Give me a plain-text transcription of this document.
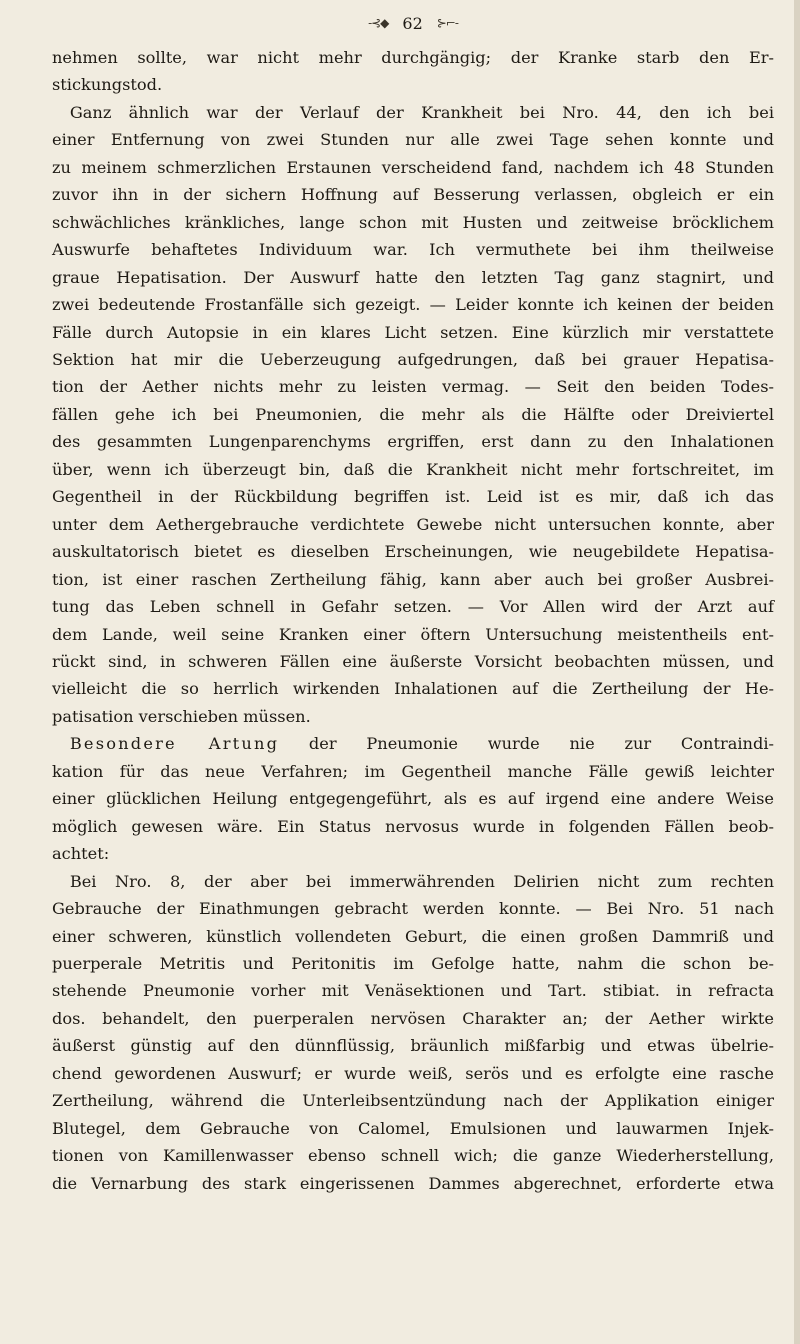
-⊰◆ 62 ⊱⌐-
nehmen sollte, war nicht mehr durchgängig; der Kranke starb den Er-
stickungstod.
Ganz ähnlich war der Verlauf der Krankheit bei Nro. 44, den ich bei
einer Entfernung von zwei Stunden nur alle zwei Tage sehen konnte und
zu meinem schmerzlichen Erstaunen verscheidend fand, nachdem ich 48 Stunden
zuvor ihn in der sichern Hoffnung auf Besserung verlassen, obgleich er ein
schwächliches kränkliches, lange schon mit Husten und zeitweise bröcklichem
Auswurfe behaftetes Individuum war. Ich vermuthete bei ihm theilweise
graue Hepatisation. Der Auswurf hatte den letzten Tag ganz stagnirt, und
zwei bedeutende Frostanfälle sich gezeigt. — Leider konnte ich keinen der beiden
Fälle durch Autopsie in ein klares Licht setzen. Eine kürzlich mir verstattete
Sektion hat mir die Ueberzeugung aufgedrungen, daß bei grauer Hepatisa-
tion der Aether nichts mehr zu leisten vermag. — Seit den beiden Todes-
fällen gehe ich bei Pneumonien, die mehr als die Hälfte oder Dreiviertel
des gesammten Lungenparenchyms ergriffen, erst dann zu den Inhalationen
über, wenn ich überzeugt bin, daß die Krankheit nicht mehr fortschreitet, im
Gegentheil in der Rückbildung begriffen ist. Leid ist es mir, daß ich das
unter dem Aethergebrauche verdichtete Gewebe nicht untersuchen konnte, aber
auskultatorisch bietet es dieselben Erscheinungen, wie neugebildete Hepatisa-
tion, ist einer raschen Zertheilung fähig, kann aber auch bei großer Ausbrei-
tung das Leben schnell in Gefahr setzen. — Vor Allen wird der Arzt auf
dem Lande, weil seine Kranken einer öftern Untersuchung meistentheils ent-
rückt sind, in schweren Fällen eine äußerste Vorsicht beobachten müssen, und
vielleicht die so herrlich wirkenden Inhalationen auf die Zertheilung der He-
patisation verschieben müssen.
Besondere Artung der Pneumonie wurde nie zur Contraindi-
kation für das neue Verfahren; im Gegentheil manche Fälle gewiß leichter
einer glücklichen Heilung entgegengeführt, als es auf irgend eine andere Weise
möglich gewesen wäre. Ein Status nervosus wurde in folgenden Fällen beob-
achtet:
Bei Nro. 8, der aber bei immerwährenden Delirien nicht zum rechten
Gebrauche der Einathmungen gebracht werden konnte. — Bei Nro. 51 nach
einer schweren, künstlich vollendeten Geburt, die einen großen Dammriß und
puerperale Metritis und Peritonitis im Gefolge hatte, nahm die schon be-
stehende Pneumonie vorher mit Venäsektionen und Tart. stibiat. in refracta
dos. behandelt, den puerperalen nervösen Charakter an; der Aether wirkte
äußerst günstig auf den dünnflüssig, bräunlich mißfarbig und etwas übelrie-
chend gewordenen Auswurf; er wurde weiß, serös und es erfolgte eine rasche
Zertheilung, während die Unterleibsentzündung nach der Applikation einiger
Blutegel, dem Gebrauche von Calomel, Emulsionen und lauwarmen Injek-
tionen von Kamillenwasser ebenso schnell wich; die ganze Wiederherstellung,
die Vernarbung des stark eingerissenen Dammes abgerechnet, erforderte etwa
